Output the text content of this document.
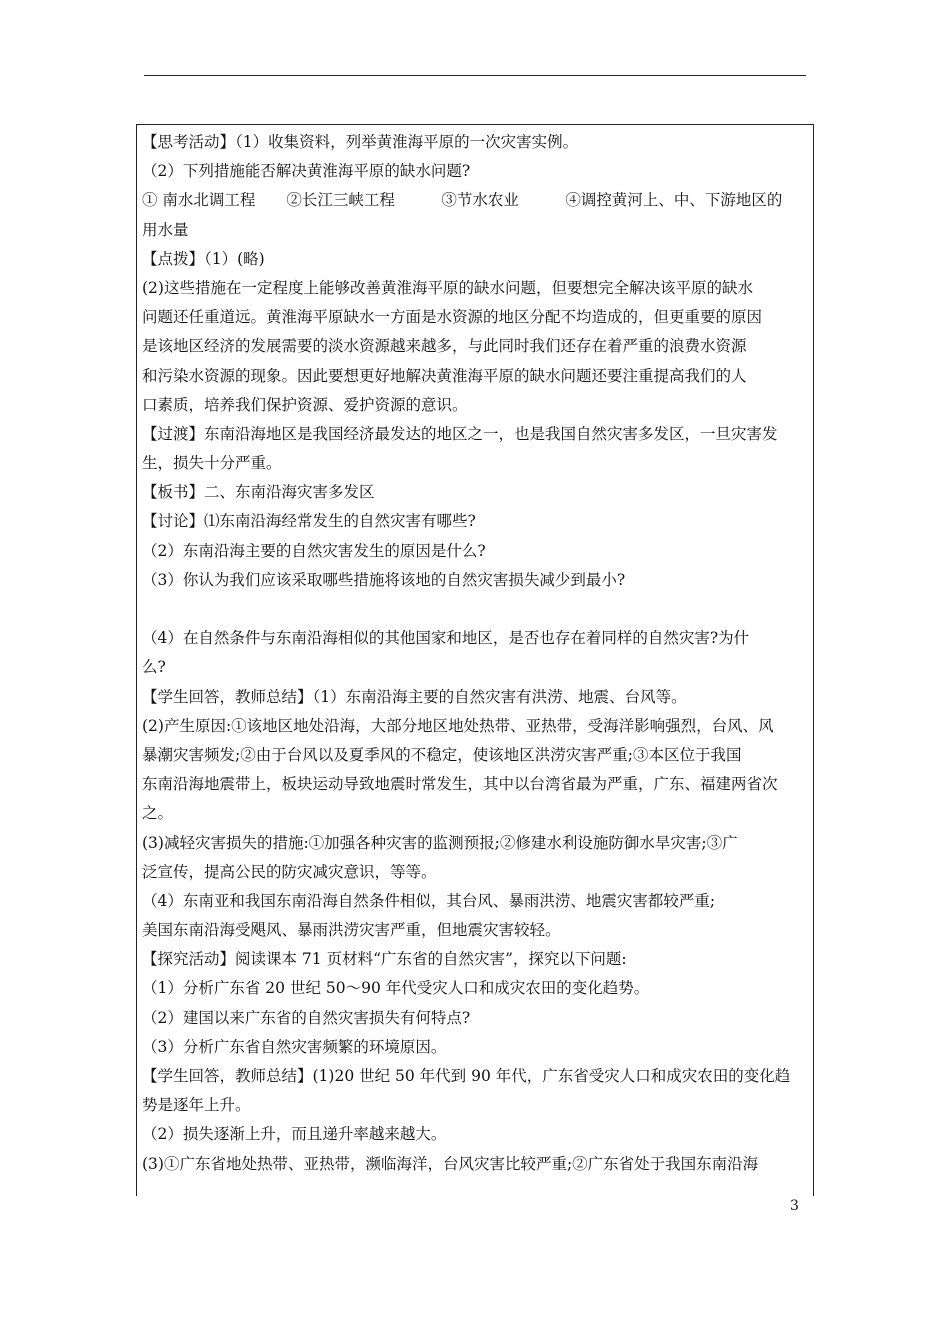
【思考活动】（1）收集资料，列举黄淮海平原的一次灾害实例。
（2）下列措施能否解决黄淮海平原的缺水问题?
① 南水北调工程　　②长江三峡工程　　　③节水农业　　　④调控黄河上、中、下游地区的
用水量
【点拨】（1）(略)
(2)这些措施在一定程度上能够改善黄淮海平原的缺水问题，但要想完全解决该平原的缺水
问题还任重道远。黄淮海平原缺水一方面是水资源的地区分配不均造成的，但更重要的原因
是该地区经济的发展需要的淡水资源越来越多，与此同时我们还存在着严重的浪费水资源
和污染水资源的现象。因此要想更好地解决黄淮海平原的缺水问题还要注重提高我们的人
口素质，培养我们保护资源、爱护资源的意识。
【过渡】东南沿海地区是我国经济最发达的地区之一，也是我国自然灾害多发区，一旦灾害发
生，损失十分严重。
【板书】二、东南沿海灾害多发区
【讨论】⑴东南沿海经常发生的自然灾害有哪些?
（2）东南沿海主要的自然灾害发生的原因是什么?
（3）你认为我们应该采取哪些措施将该地的自然灾害损失减少到最小?
（4）在自然条件与东南沿海相似的其他国家和地区，是否也存在着同样的自然灾害?为什
么?
【学生回答，教师总结】（1）东南沿海主要的自然灾害有洪涝、地震、台风等。
(2)产生原因:①该地区地处沿海，大部分地区地处热带、亚热带，受海洋影响强烈，台风、风
暴潮灾害频发;②由于台风以及夏季风的不稳定，使该地区洪涝灾害严重;③本区位于我国
东南沿海地震带上，板块运动导致地震时常发生，其中以台湾省最为严重，广东、福建两省次
之。
(3)减轻灾害损失的措施:①加强各种灾害的监测预报;②修建水利设施防御水旱灾害;③广
泛宣传，提高公民的防灾减灾意识，等等。
（4）东南亚和我国东南沿海自然条件相似，其台风、暴雨洪涝、地震灾害都较严重;
美国东南沿海受飓风、暴雨洪涝灾害严重，但地震灾害较轻。
【探究活动】阅读课本 71 页材料“广东省的自然灾害”，探究以下问题:
（1）分析广东省 20 世纪 50～90 年代受灾人口和成灾农田的变化趋势。
（2）建国以来广东省的自然灾害损失有何特点?
（3）分析广东省自然灾害频繁的环境原因。
【学生回答，教师总结】(1)20 世纪 50 年代到 90 年代，广东省受灾人口和成灾农田的变化趋
势是逐年上升。
（2）损失逐渐上升，而且递升率越来越大。
(3)①广东省地处热带、亚热带，濒临海洋，台风灾害比较严重;②广东省处于我国东南沿海
3
